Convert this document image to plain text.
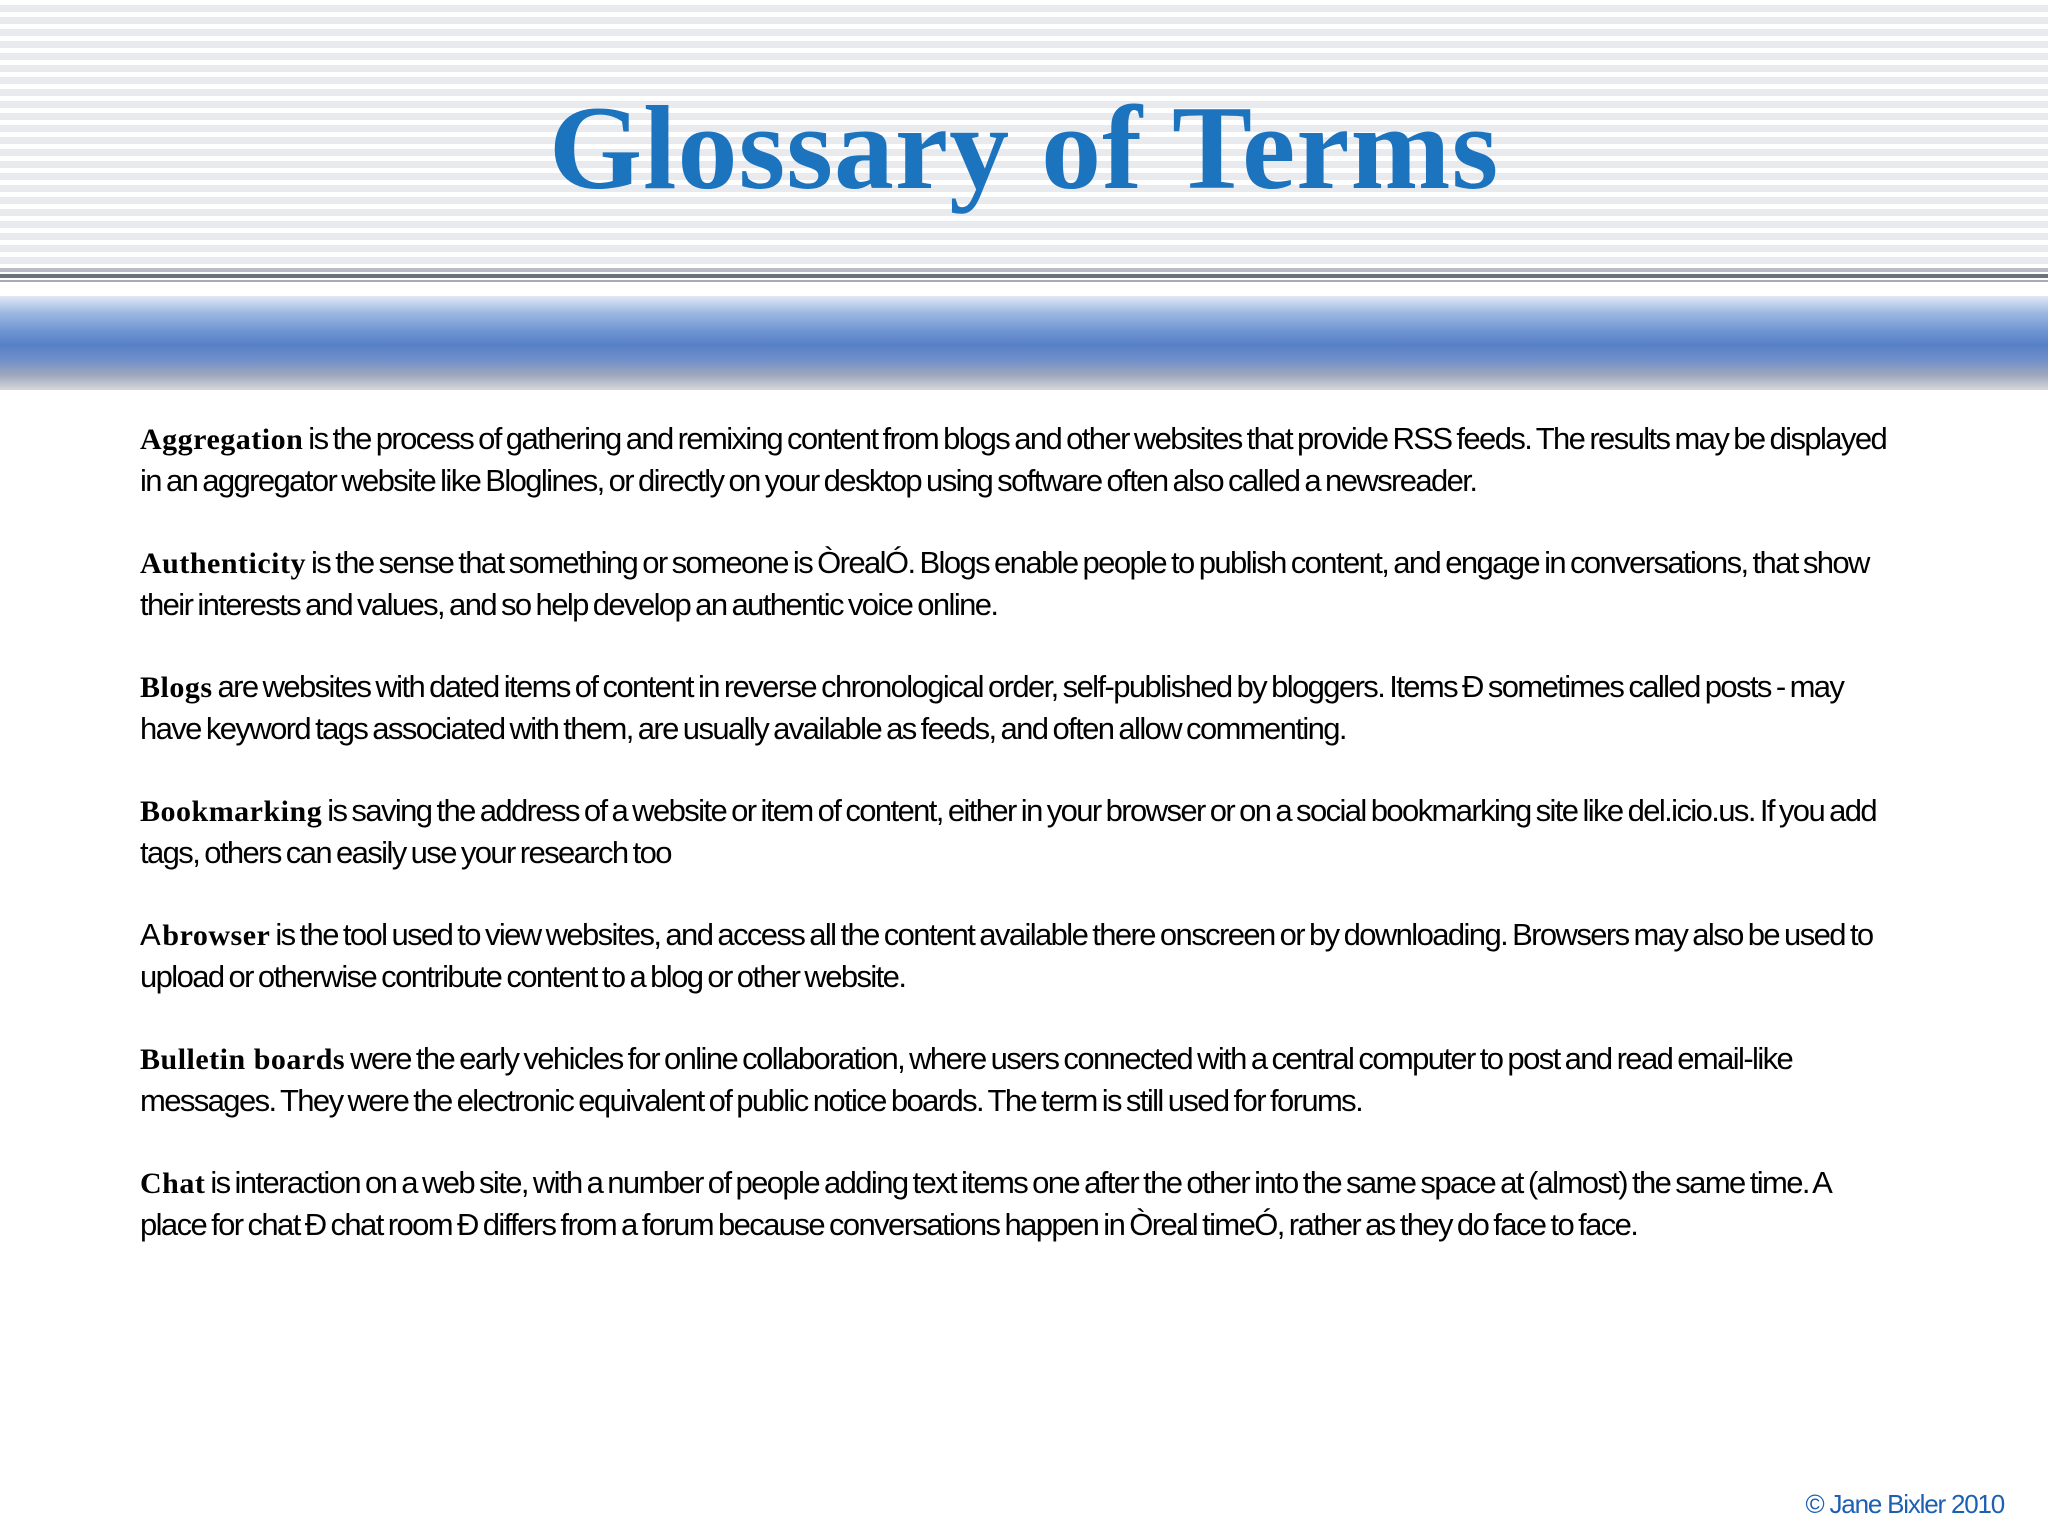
Glossary of Terms
Aggregation is the process of gathering and remixing content from blogs and other websites that provide RSS feeds. The results may be displayed in an aggregator website like Bloglines, or directly on your desktop using software often also called a newsreader.
Authenticity is the sense that something or someone is ÒrealÓ. Blogs enable people to publish content, and engage in conversations, that show their interests and values, and so help develop an authentic voice online.
Blogs are websites with dated items of content in reverse chronological order, self-published by bloggers. Items Ð sometimes called posts - may have keyword tags associated with them, are usually available as feeds, and often allow commenting.
Bookmarking is saving the address of a website or item of content, either in your browser or on a social bookmarking site like del.icio.us. If you add tags, others can easily use your research too
A browser is the tool used to view websites, and access all the content available there onscreen or by downloading. Browsers may also be used to upload or otherwise contribute content to a blog or other website.
Bulletin boards were the early vehicles for online collaboration, where users connected with a central computer to post and read email-like messages. They were the electronic equivalent of public notice boards. The term is still used for forums.
Chat is interaction on a web site, with a number of people adding text items one after the other into the same space at (almost) the same time. A place for chat Ð chat room Ð differs from a forum because conversations happen in Òreal timeÓ, rather as they do face to face.

© Jane Bixler 2010
